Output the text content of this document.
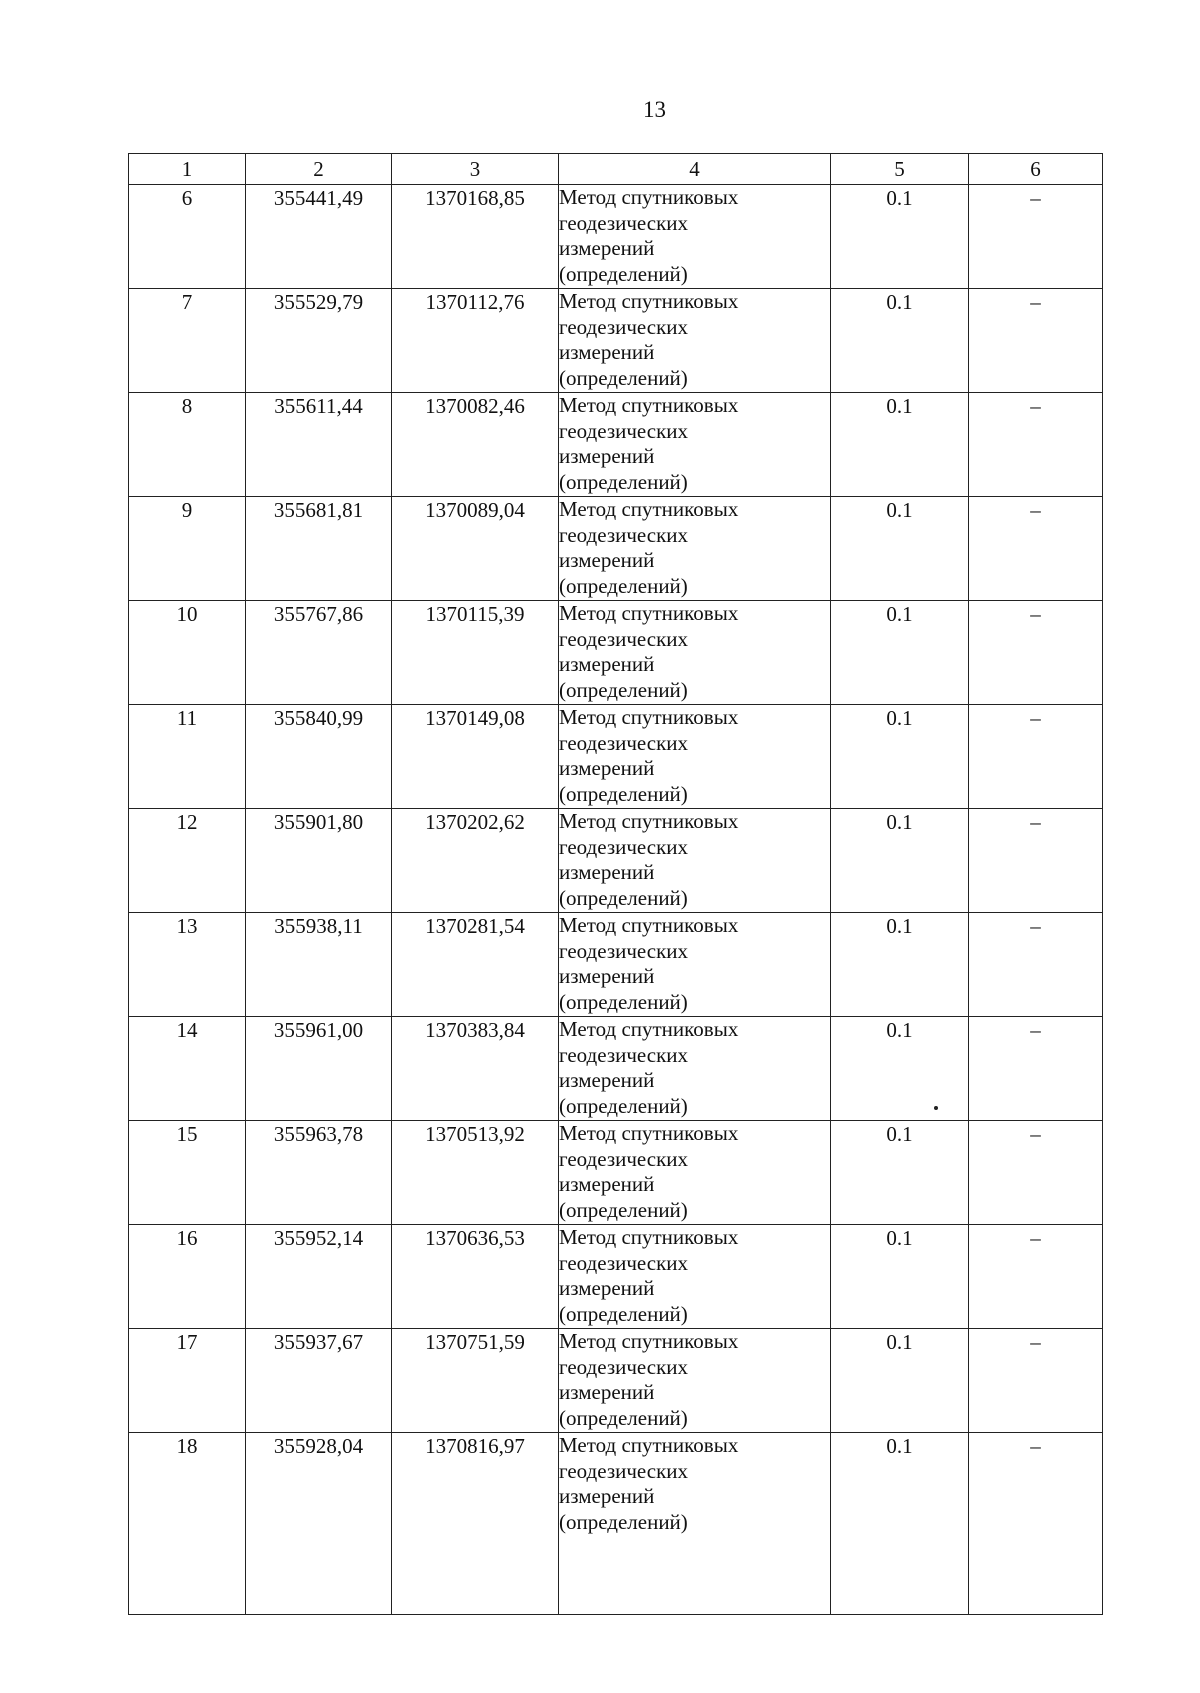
13
1	2	3	4	5	6
6	355441,49	1370168,85	Метод спутниковых
геодезических
измерений
(определений)	0.1	–
7	355529,79	1370112,76	Метод спутниковых
геодезических
измерений
(определений)	0.1	–
8	355611,44	1370082,46	Метод спутниковых
геодезических
измерений
(определений)	0.1	–
9	355681,81	1370089,04	Метод спутниковых
геодезических
измерений
(определений)	0.1	–
10	355767,86	1370115,39	Метод спутниковых
геодезических
измерений
(определений)	0.1	–
11	355840,99	1370149,08	Метод спутниковых
геодезических
измерений
(определений)	0.1	–
12	355901,80	1370202,62	Метод спутниковых
геодезических
измерений
(определений)	0.1	–
13	355938,11	1370281,54	Метод спутниковых
геодезических
измерений
(определений)	0.1	–
14	355961,00	1370383,84	Метод спутниковых
геодезических
измерений
(определений)	0.1	–
15	355963,78	1370513,92	Метод спутниковых
геодезических
измерений
(определений)	0.1	–
16	355952,14	1370636,53	Метод спутниковых
геодезических
измерений
(определений)	0.1	–
17	355937,67	1370751,59	Метод спутниковых
геодезических
измерений
(определений)	0.1	–
18	355928,04	1370816,97	Метод спутниковых
геодезических
измерений
(определений)	0.1	–
